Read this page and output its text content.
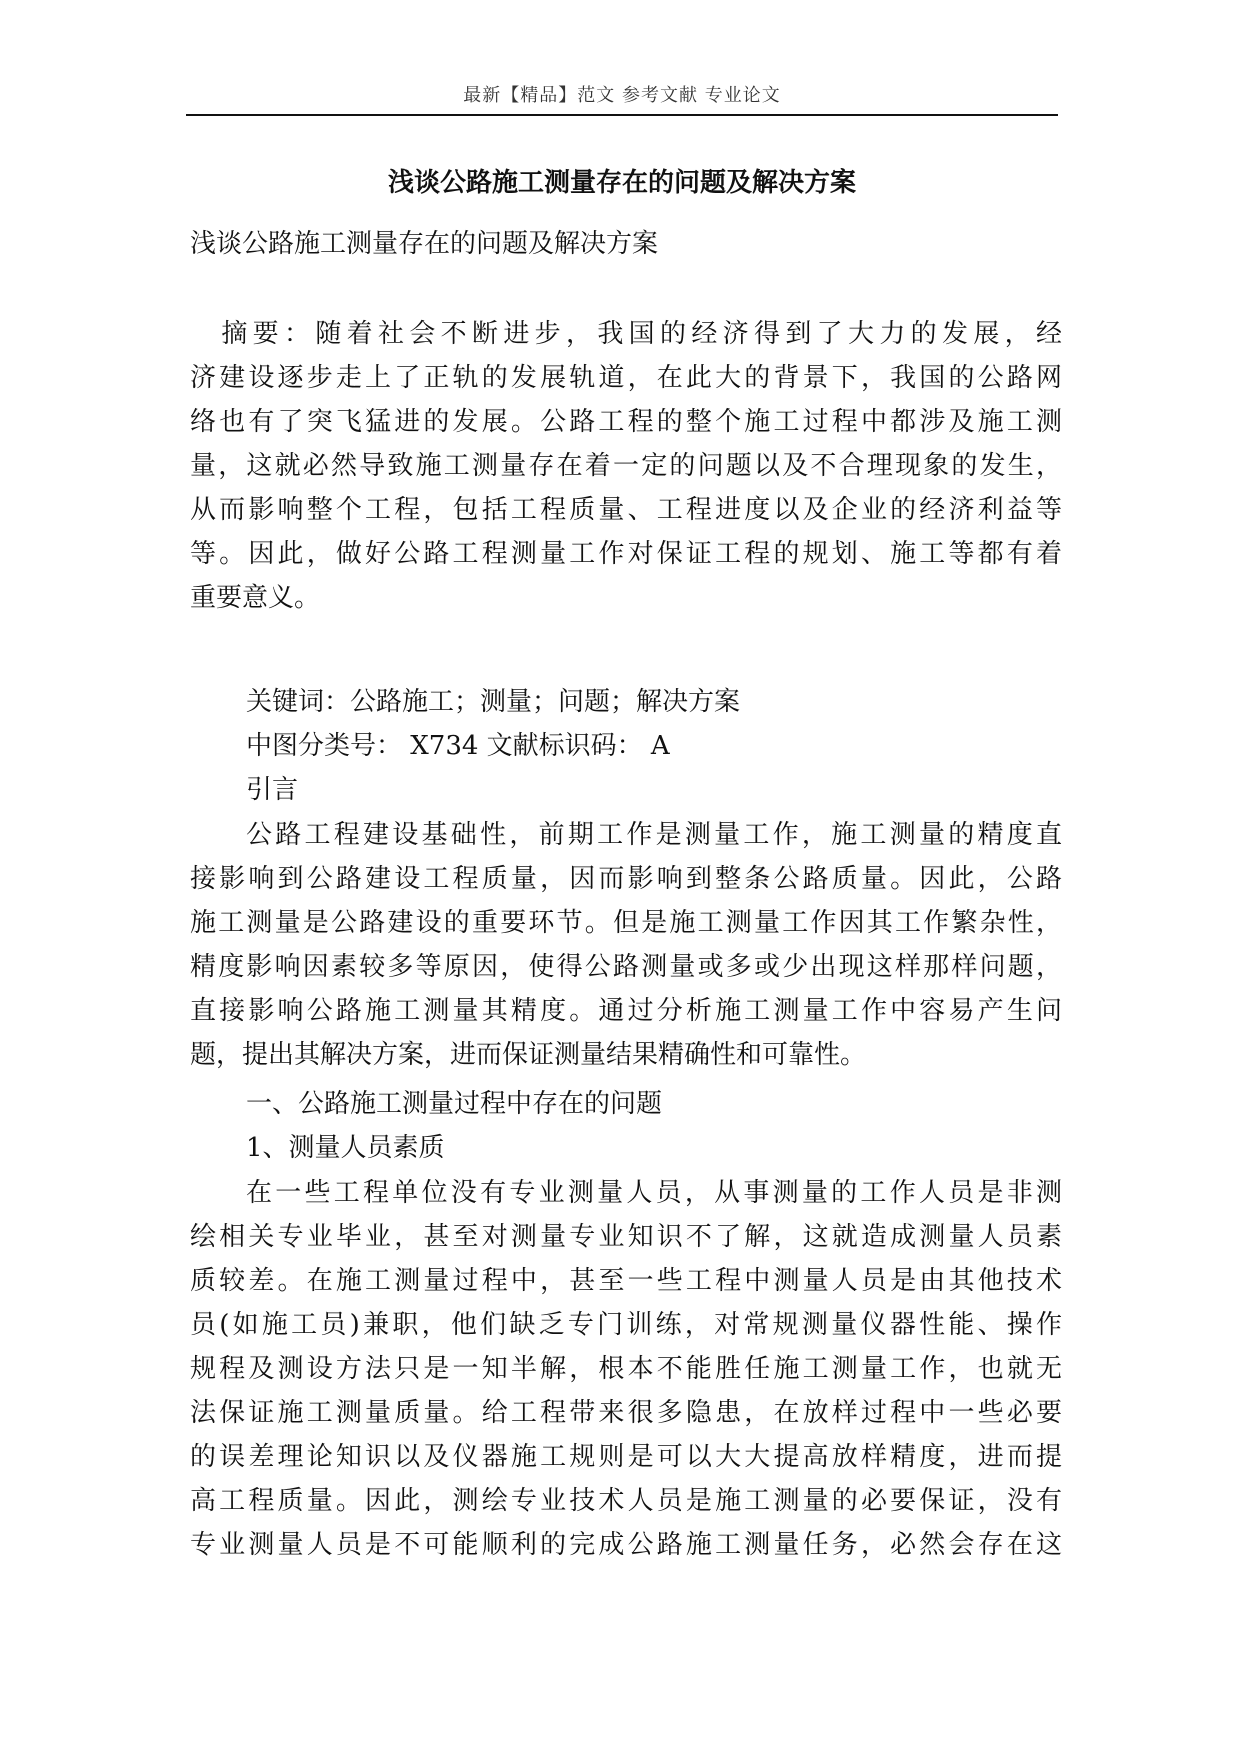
最新【精品】范文 参考文献 专业论文
浅谈公路施工测量存在的问题及解决方案
浅谈公路施工测量存在的问题及解决方案
　摘要：随着社会不断进步，我国的经济得到了大力的发展，经
济建设逐步走上了正轨的发展轨道，在此大的背景下，我国的公路网
络也有了突飞猛进的发展。公路工程的整个施工过程中都涉及施工测
量，这就必然导致施工测量存在着一定的问题以及不合理现象的发生，
从而影响整个工程，包括工程质量、工程进度以及企业的经济利益等
等。因此，做好公路工程测量工作对保证工程的规划、施工等都有着
重要意义。
关键词：公路施工；测量；问题；解决方案
中图分类号： X734 文献标识码： A
引言
公路工程建设基础性，前期工作是测量工作，施工测量的精度直
接影响到公路建设工程质量，因而影响到整条公路质量。因此，公路
施工测量是公路建设的重要环节。但是施工测量工作因其工作繁杂性，
精度影响因素较多等原因，使得公路测量或多或少出现这样那样问题，
直接影响公路施工测量其精度。通过分析施工测量工作中容易产生问
题，提出其解决方案，进而保证测量结果精确性和可靠性。
一、公路施工测量过程中存在的问题
1、测量人员素质
在一些工程单位没有专业测量人员，从事测量的工作人员是非测
绘相关专业毕业，甚至对测量专业知识不了解，这就造成测量人员素
质较差。在施工测量过程中，甚至一些工程中测量人员是由其他技术
员(如施工员)兼职，他们缺乏专门训练，对常规测量仪器性能、操作
规程及测设方法只是一知半解，根本不能胜任施工测量工作，也就无
法保证施工测量质量。给工程带来很多隐患，在放样过程中一些必要
的误差理论知识以及仪器施工规则是可以大大提高放样精度，进而提
高工程质量。因此，测绘专业技术人员是施工测量的必要保证，没有
专业测量人员是不可能顺利的完成公路施工测量任务，必然会存在这
